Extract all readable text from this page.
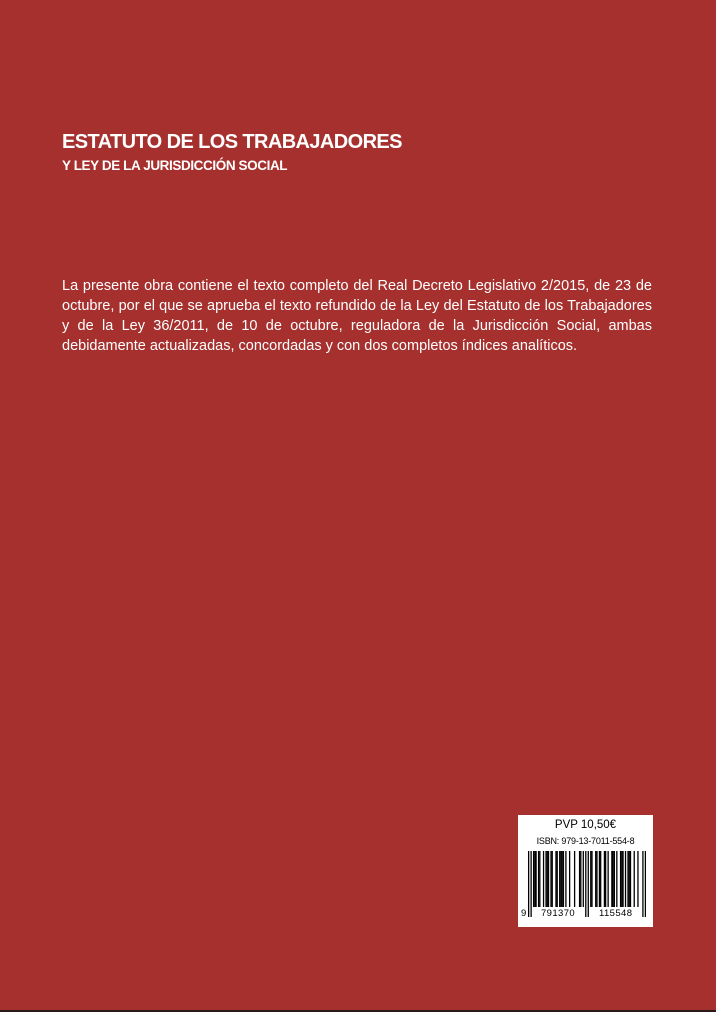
ESTATUTO DE LOS TRABAJADORES
Y LEY DE LA JURISDICCIÓN SOCIAL
La presente obra contiene el texto completo del Real Decreto Legislativo 2/2015, de 23 de octubre, por el que se aprueba el texto refundido de la Ley del Estatuto de los Trabajadores y de la Ley 36/2011, de 10 de octubre, reguladora de la Jurisdicción Social, ambas debidamente actualizadas, concordadas y con dos completos índices analíticos.
PVP 10,50€
ISBN: 979-13-7011-554-8
9 791370	115548
